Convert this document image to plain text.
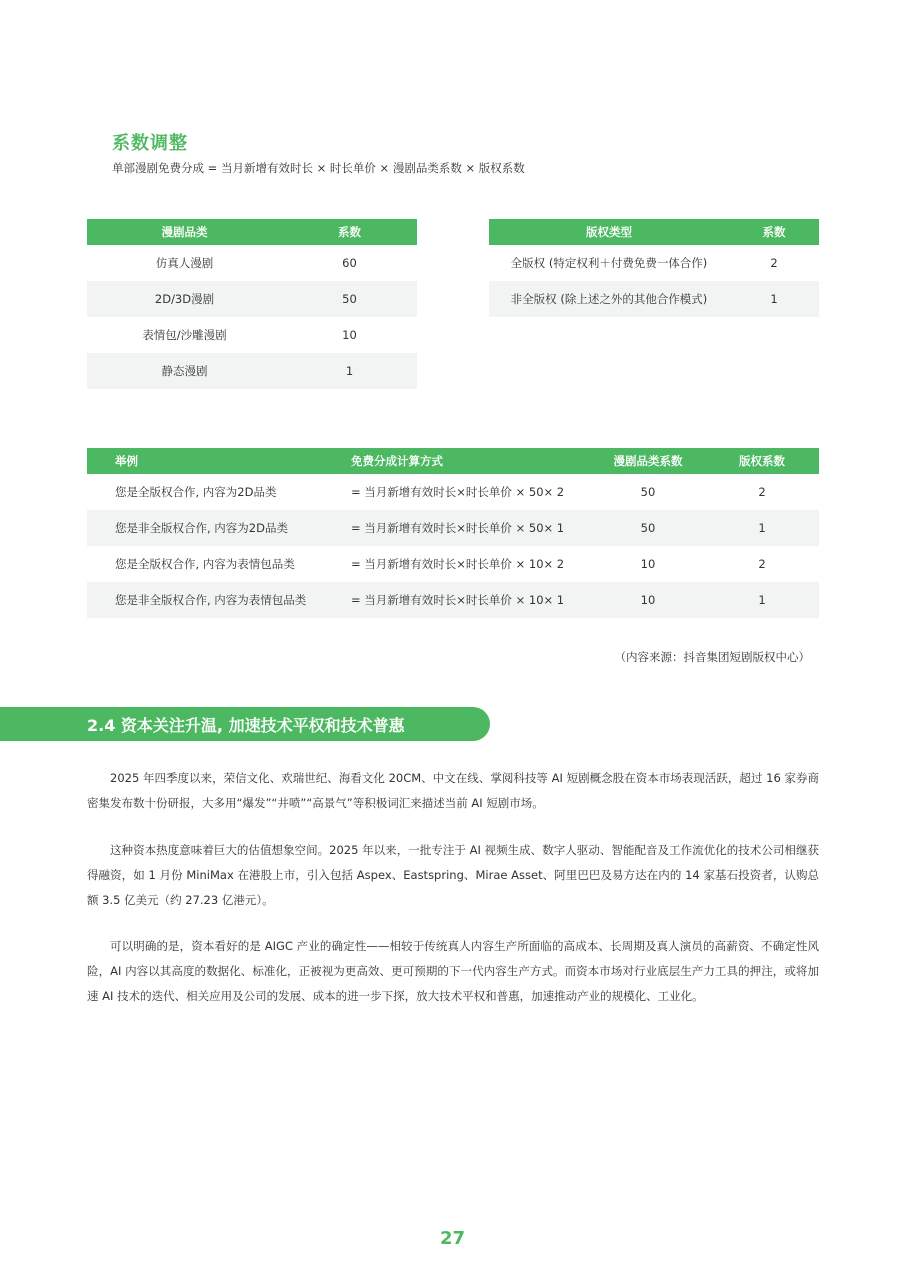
系数调整
单部漫剧免费分成 = 当月新增有效时长 × 时长单价 × 漫剧品类系数 × 版权系数
漫剧品类	系数
仿真人漫剧	60
2D/3D漫剧	50
表情包/沙雕漫剧	10
静态漫剧	1
版权类型	系数
全版权 (特定权利＋付费免费一体合作)	2
非全版权 (除上述之外的其他合作模式)	1
举例	免费分成计算方式	漫剧品类系数	版权系数
您是全版权合作, 内容为2D品类	= 当月新增有效时长×时长单价 × 50× 2	50	2
您是非全版权合作, 内容为2D品类	= 当月新增有效时长×时长单价 × 50× 1	50	1
您是全版权合作, 内容为表情包品类	= 当月新增有效时长×时长单价 × 10× 2	10	2
您是非全版权合作, 内容为表情包品类	= 当月新增有效时长×时长单价 × 10× 1	10	1
（内容来源：抖音集团短剧版权中心）
2.4 资本关注升温, 加速技术平权和技术普惠

2025 年四季度以来，荣信文化、欢瑞世纪、海看文化 20CM、中文在线、掌阅科技等 AI 短剧概念股在资本市场表现活跃，超过 16 家券商密集发布数十份研报，大多用“爆发”“井喷”“高景气”等积极词汇来描述当前 AI 短剧市场。

这种资本热度意味着巨大的估值想象空间。2025 年以来，一批专注于 AI 视频生成、数字人驱动、智能配音及工作流优化的技术公司相继获得融资，如 1 月份 MiniMax 在港股上市，引入包括 Aspex、Eastspring、Mirae Asset、阿里巴巴及易方达在内的 14 家基石投资者，认购总额 3.5 亿美元（约 27.23 亿港元）。

可以明确的是，资本看好的是 AIGC 产业的确定性——相较于传统真人内容生产所面临的高成本、长周期及真人演员的高薪资、不确定性风险，AI 内容以其高度的数据化、标准化，正被视为更高效、更可预期的下一代内容生产方式。而资本市场对行业底层生产力工具的押注，或将加速 AI 技术的迭代、相关应用及公司的发展、成本的进一步下探，放大技术平权和普惠，加速推动产业的规模化、工业化。

27
